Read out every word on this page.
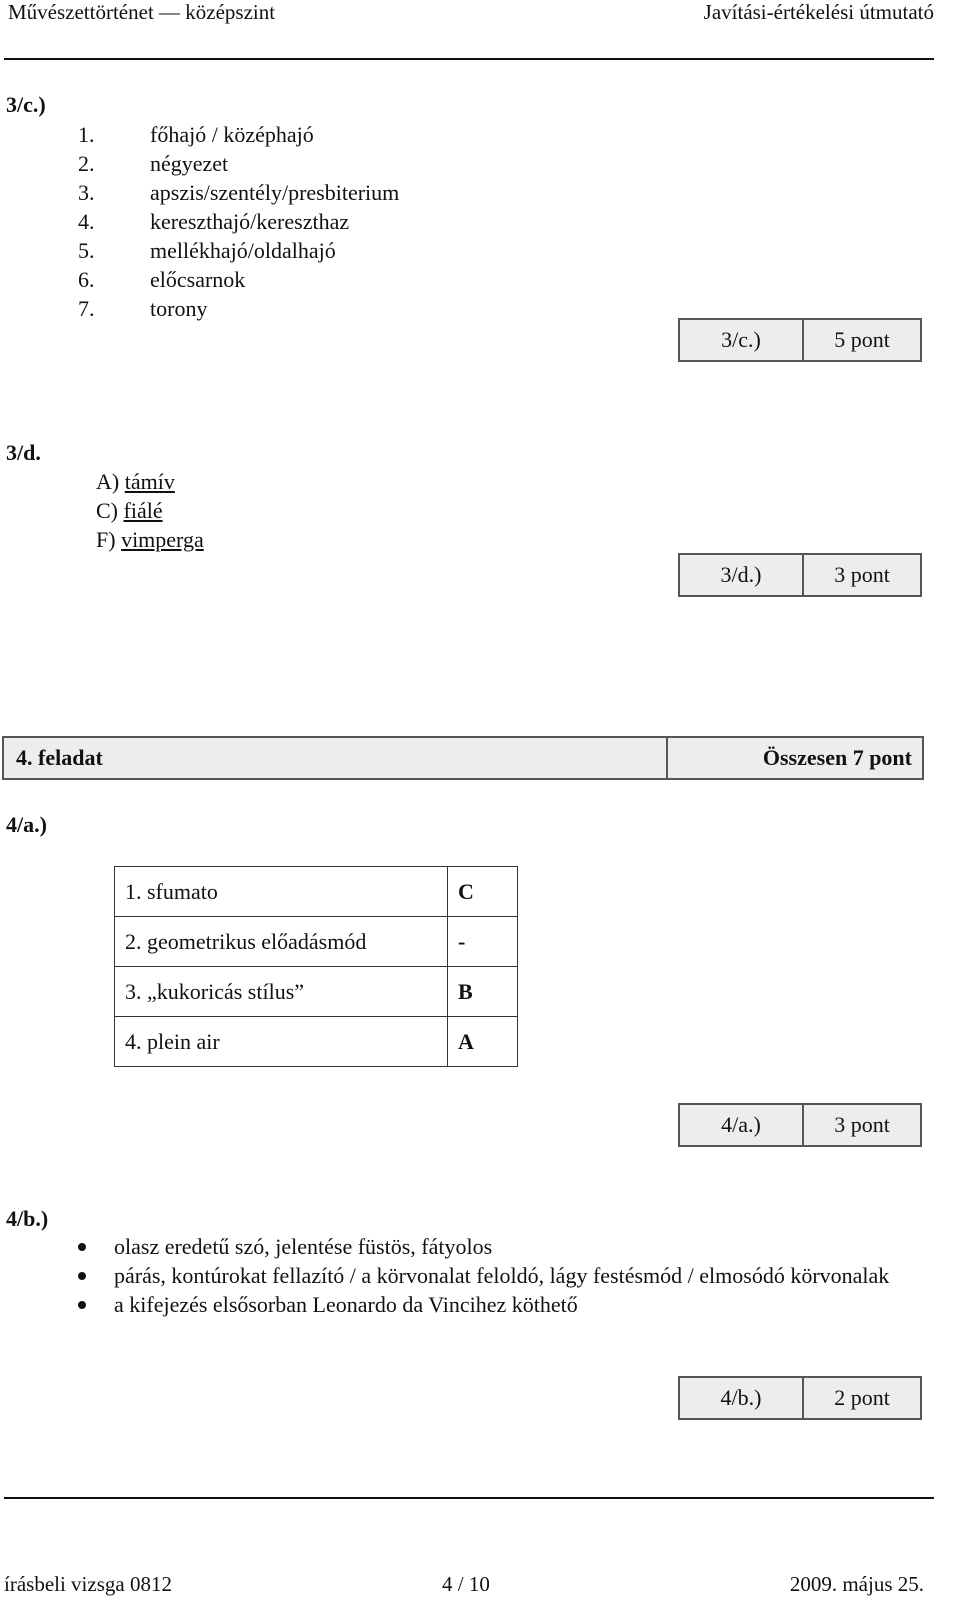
Művészettörténet — középszint	Javítási-értékelési útmutató
3/c.)
1.	főhajó / középhajó
2.	négyezet
3.	apszis/szentély/presbiterium
4.	kereszthajó/kereszthaz
5.	mellékhajó/oldalhajó
6.	előcsarnok
7.	torony
3/c.)	5 pont
3/d.
A) támív
C) fiálé
F) vimperga
3/d.)	3 pont
4. feladat	Összesen 7 pont
4/a.)
1. sfumato	C
2. geometrikus előadásmód	-
3. „kukoricás stílus”	B
4. plein air	A
4/a.)	3 pont
4/b.)
olasz eredetű szó, jelentése füstös, fátyolos
párás, kontúrokat fellazító / a körvonalat feloldó, lágy festésmód / elmosódó körvonalak
a kifejezés elsősorban Leonardo da Vincihez köthető
4/b.)	2 pont
írásbeli vizsga 0812	4 / 10	2009. május 25.
